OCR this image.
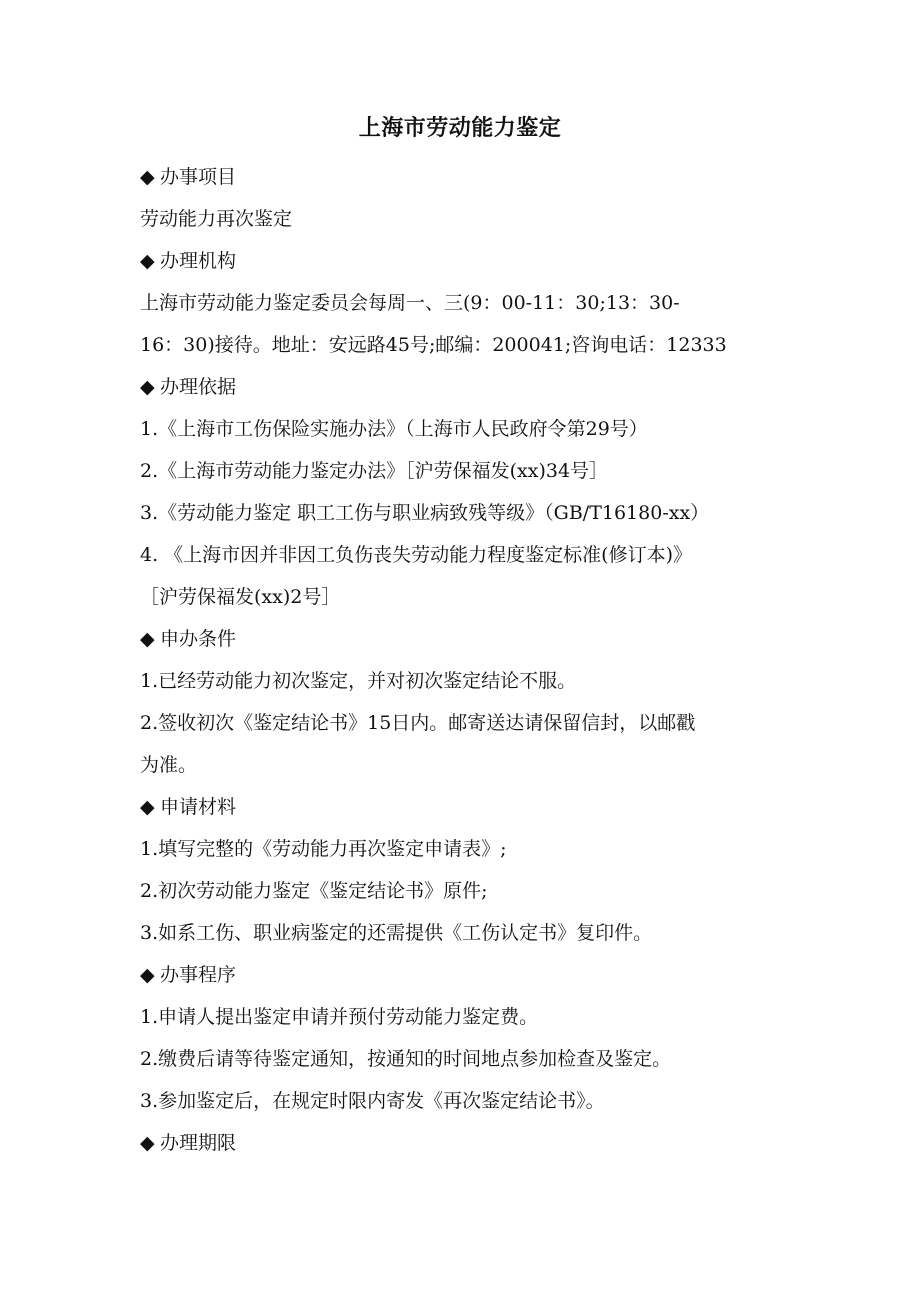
上海市劳动能力鉴定
◆ 办事项目
劳动能力再次鉴定
◆ 办理机构
上海市劳动能力鉴定委员会每周一、三(9：00-11：30;13：30-
16：30)接待。地址：安远路45号;邮编：200041;咨询电话：12333
◆ 办理依据
1.《上海市工伤保险实施办法》（上海市人民政府令第29号）
2.《上海市劳动能力鉴定办法》［沪劳保福发(xx)34号］
3.《劳动能力鉴定 职工工伤与职业病致残等级》（GB/T16180-xx）
4. 《上海市因并非因工负伤丧失劳动能力程度鉴定标准(修订本)》
［沪劳保福发(xx)2号］
◆ 申办条件
1.已经劳动能力初次鉴定，并对初次鉴定结论不服。
2.签收初次《鉴定结论书》15日内。邮寄送达请保留信封，以邮戳
为准。
◆ 申请材料
1.填写完整的《劳动能力再次鉴定申请表》;
2.初次劳动能力鉴定《鉴定结论书》原件;
3.如系工伤、职业病鉴定的还需提供《工伤认定书》复印件。
◆ 办事程序
1.申请人提出鉴定申请并预付劳动能力鉴定费。
2.缴费后请等待鉴定通知，按通知的时间地点参加检查及鉴定。
3.参加鉴定后，在规定时限内寄发《再次鉴定结论书》。
◆ 办理期限
